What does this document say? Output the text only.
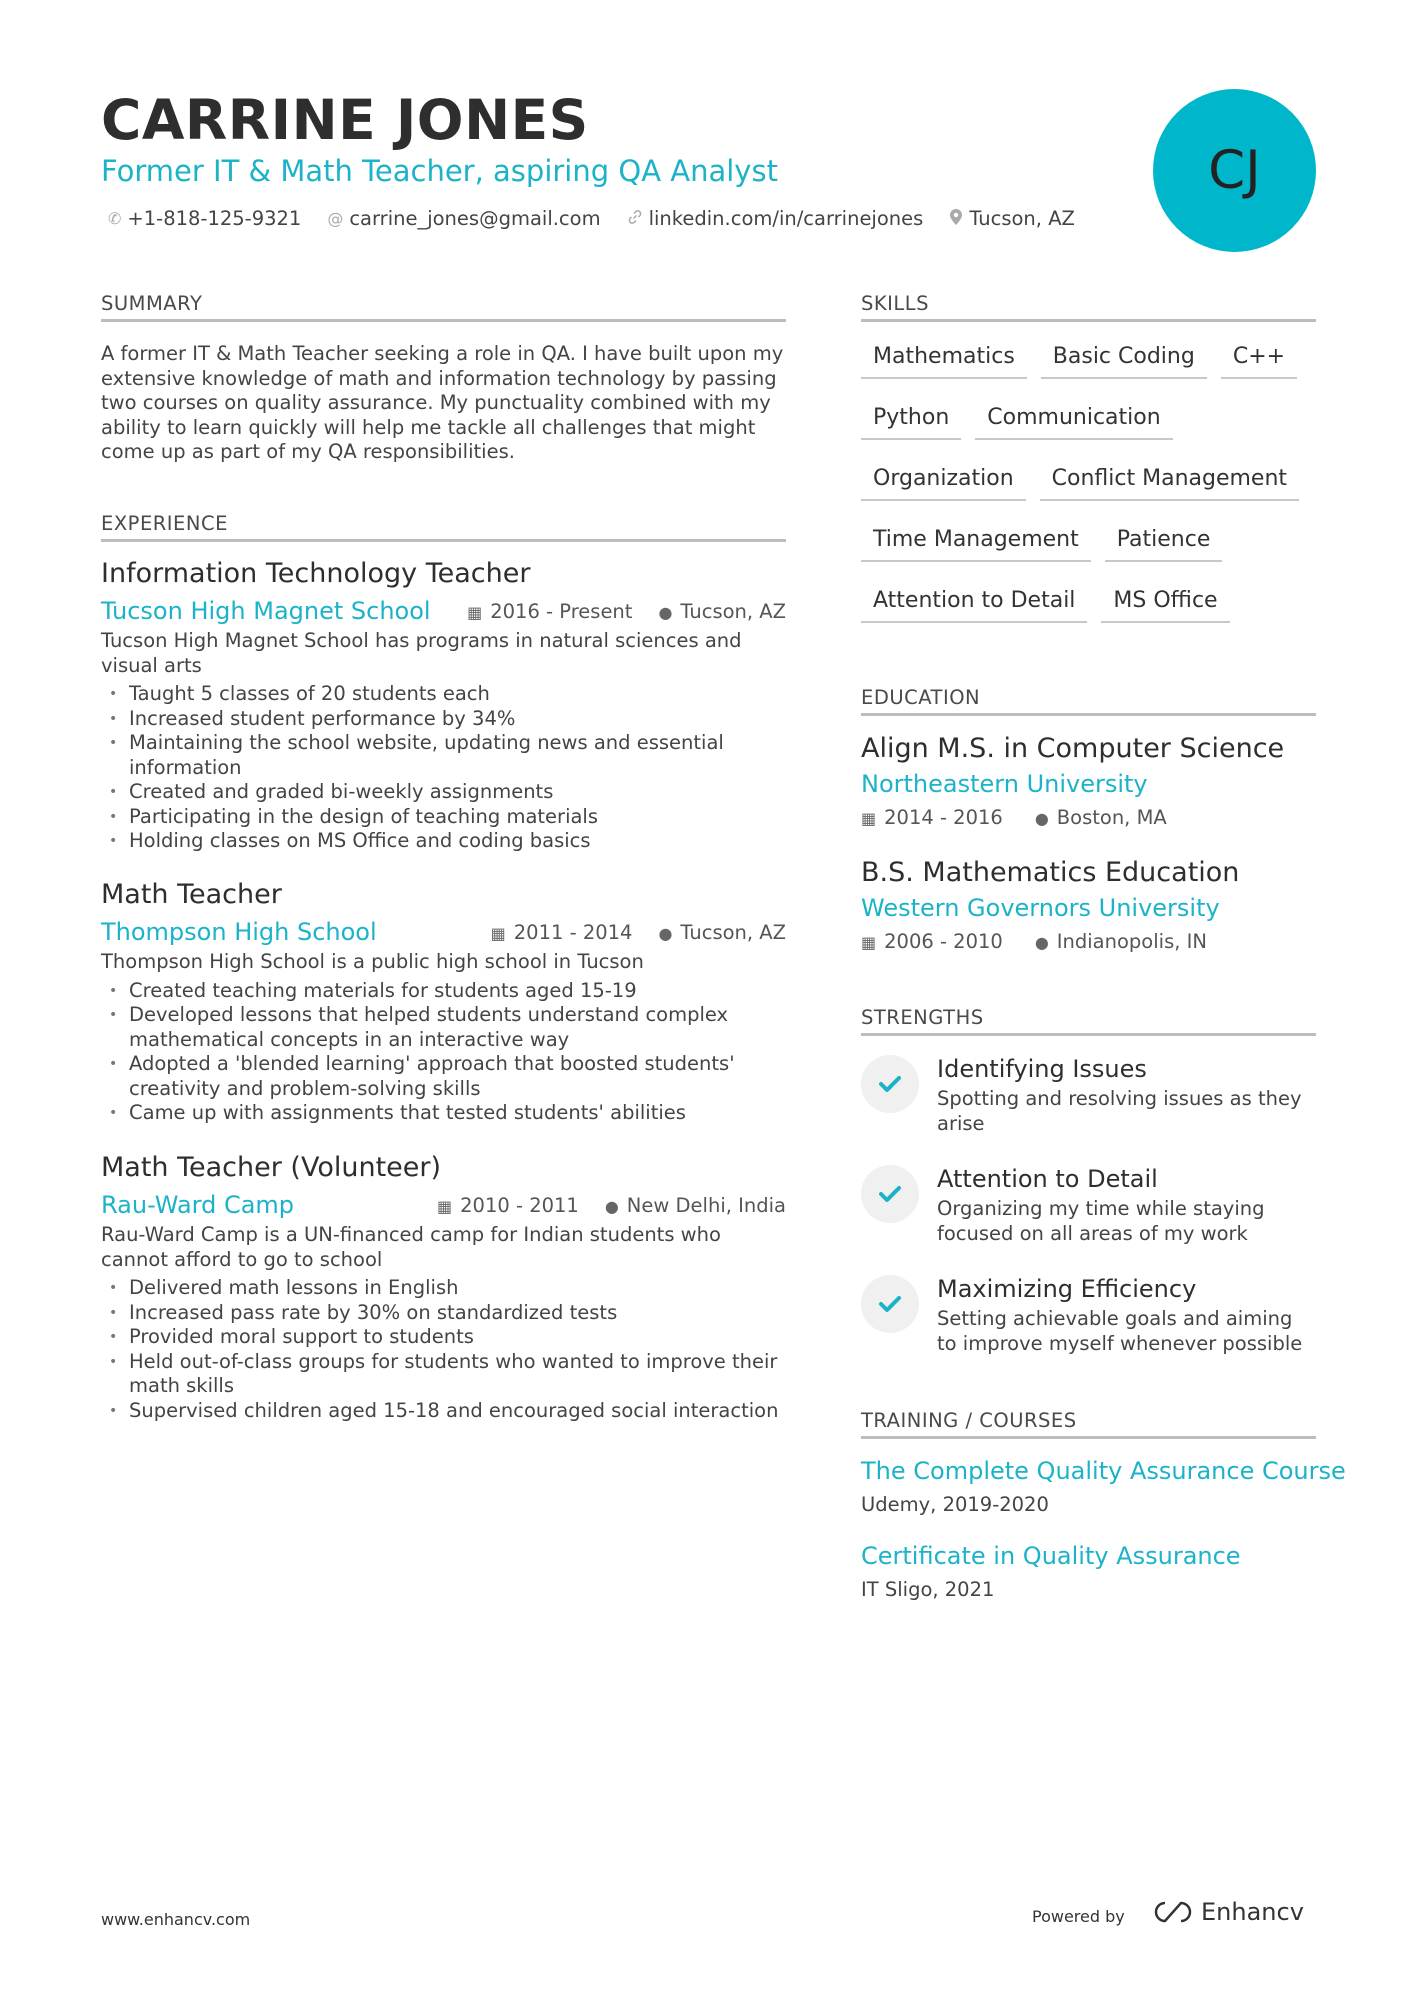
CARRINE JONES
Former IT & Math Teacher, aspiring QA Analyst
✆ +1-818-125-9321 @ carrine_jones@gmail.com linkedin.com/in/carrinejones Tucson, AZ
CJ
SUMMARY
A former IT & Math Teacher seeking a role in QA. I have built upon my extensive knowledge of math and information technology by passing two courses on quality assurance. My punctuality combined with my ability to learn quickly will help me tackle all challenges that might come up as part of my QA responsibilities.
EXPERIENCE
Information Technology Teacher
Tucson High Magnet School ▦ 2016 - Present ● Tucson, AZ
Tucson High Magnet School has programs in natural sciences and visual arts
• Taught 5 classes of 20 students each
• Increased student performance by 34%
• Maintaining the school website, updating news and essential information
• Created and graded bi-weekly assignments
• Participating in the design of teaching materials
• Holding classes on MS Office and coding basics
Math Teacher
Thompson High School	▦ 2011 - 2014 ● Tucson, AZ
Thompson High School is a public high school in Tucson
• Created teaching materials for students aged 15-19
• Developed lessons that helped students understand complex mathematical concepts in an interactive way
• Adopted a 'blended learning' approach that boosted students' creativity and problem-solving skills
• Came up with assignments that tested students' abilities
Math Teacher (Volunteer)
Rau-Ward Camp	▦ 2010 - 2011 ● New Delhi, India
Rau-Ward Camp is a UN-financed camp for Indian students who cannot afford to go to school
• Delivered math lessons in English
• Increased pass rate by 30% on standardized tests
• Provided moral support to students
• Held out-of-class groups for students who wanted to improve their math skills
• Supervised children aged 15-18 and encouraged social interaction
SKILLS
Mathematics	Basic Coding	C++
Python	Communication
Organization	Conflict Management
Time Management	Patience
Attention to Detail	MS Office
EDUCATION
Align M.S. in Computer Science
Northeastern University
▦ 2014 - 2016 ● Boston, MA
B.S. Mathematics Education
Western Governors University
▦ 2006 - 2010 ● Indianopolis, IN
STRENGTHS
Identifying Issues
Spotting and resolving issues as they arise
Attention to Detail
Organizing my time while staying focused on all areas of my work
Maximizing Efficiency
Setting achievable goals and aiming to improve myself whenever possible
TRAINING / COURSES
The Complete Quality Assurance Course
Udemy, 2019-2020
Certificate in Quality Assurance
IT Sligo, 2021
www.enhancv.com	Powered by	Enhancv
